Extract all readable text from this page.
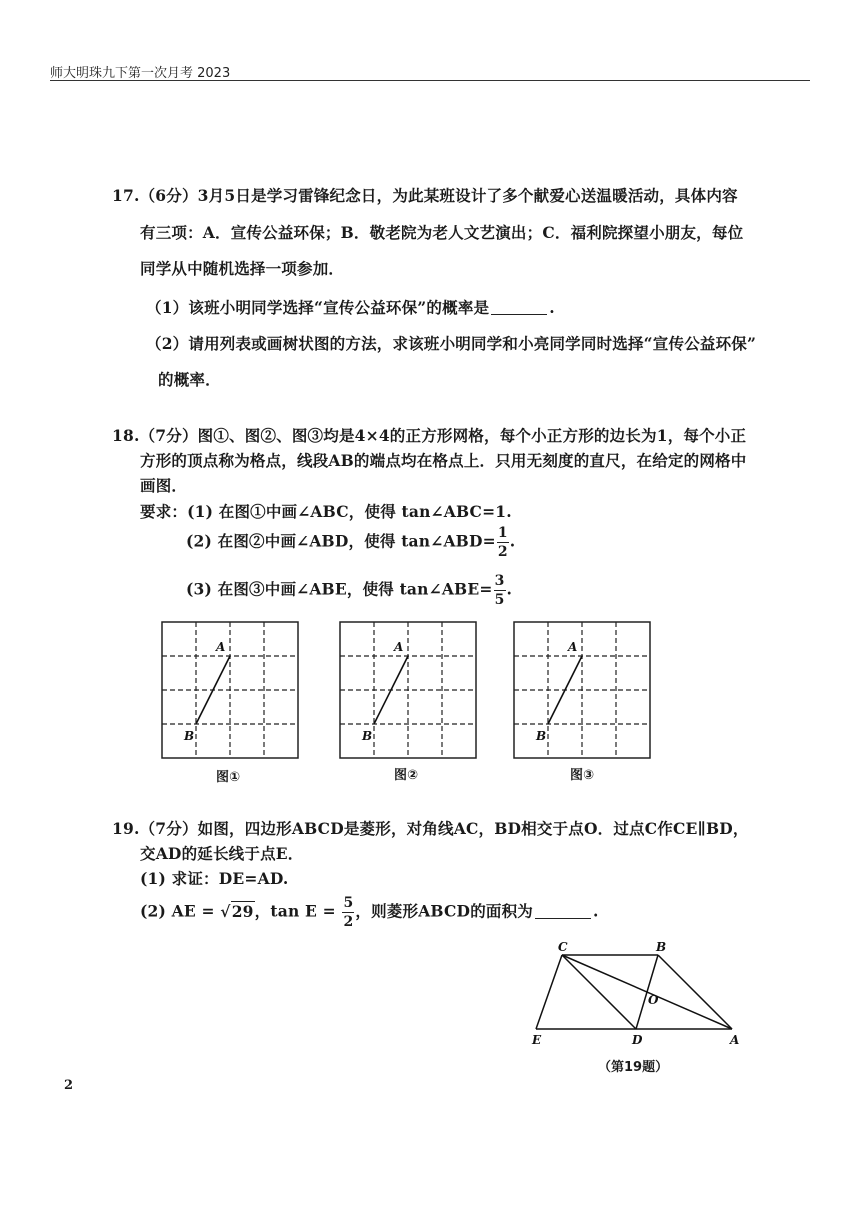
师大明珠九下第一次月考 2023
17.（6分）3月5日是学习雷锋纪念日，为此某班设计了多个献爱心送温暖活动，具体内容
有三项：A．宣传公益环保；B．敬老院为老人文艺演出；C．福利院探望小朋友，每位
同学从中随机选择一项参加．
（1）该班小明同学选择“宣传公益环保”的概率是	.
（2）请用列表或画树状图的方法，求该班小明同学和小亮同学同时选择“宣传公益环保”
的概率．
18.（7分）图①、图②、图③均是4×4的正方形网格，每个小正方形的边长为1，每个小正
方形的顶点称为格点，线段AB的端点均在格点上．只用无刻度的直尺，在给定的网格中
画图．
要求：(1) 在图①中画∠ABC，使得 tan∠ABC=1.
(2) 在图②中画∠ABD，使得 tan∠ABD= $\frac{1}{2}$ .
(3) 在图③中画∠ABE，使得 tan∠ABE= $\frac{3}{5}$ .
A
B
A
B
A
B
图①	图②	图③
19.（7分）如图，四边形ABCD是菱形，对角线AC，BD相交于点O．过点C作CE∥BD，
交AD的延长线于点E．
(1) 求证：DE=AD.
(2) AE = √29，$\tan E = \frac{5}{2}$ ，则菱形ABCD的面积为	.
C	B
O
E	D	A
（第19题）
2
